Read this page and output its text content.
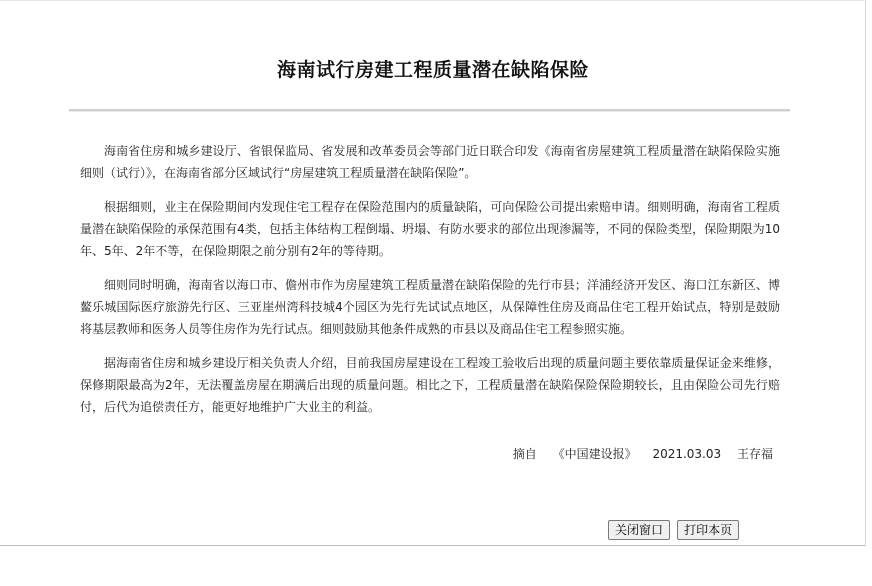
海南试行房建工程质量潜在缺陷保险

海南省住房和城乡建设厅、省银保监局、省发展和改革委员会等部门近日联合印发《海南省房屋建筑工程质量潜在缺陷保险实施细则（试行）》，在海南省部分区域试行“房屋建筑工程质量潜在缺陷保险”。

根据细则，业主在保险期间内发现住宅工程存在保险范围内的质量缺陷，可向保险公司提出索赔申请。细则明确，海南省工程质量潜在缺陷保险的承保范围有4类，包括主体结构工程倒塌、坍塌、有防水要求的部位出现渗漏等，不同的保险类型，保险期限为10年、5年、2年不等，在保险期限之前分别有2年的等待期。

细则同时明确，海南省以海口市、儋州市作为房屋建筑工程质量潜在缺陷保险的先行市县；洋浦经济开发区、海口江东新区、博鳌乐城国际医疗旅游先行区、三亚崖州湾科技城4个园区为先行先试试点地区，从保障性住房及商品住宅工程开始试点，特别是鼓励将基层教师和医务人员等住房作为先行试点。细则鼓励其他条件成熟的市县以及商品住宅工程参照实施。

据海南省住房和城乡建设厅相关负责人介绍，目前我国房屋建设在工程竣工验收后出现的质量问题主要依靠质量保证金来维修，保修期限最高为2年，无法覆盖房屋在期满后出现的质量问题。相比之下，工程质量潜在缺陷保险保险期较长，且由保险公司先行赔付，后代为追偿责任方，能更好地维护广大业主的利益。

摘自 《中国建设报》 2021.03.03 王存福
关闭窗口 打印本页
